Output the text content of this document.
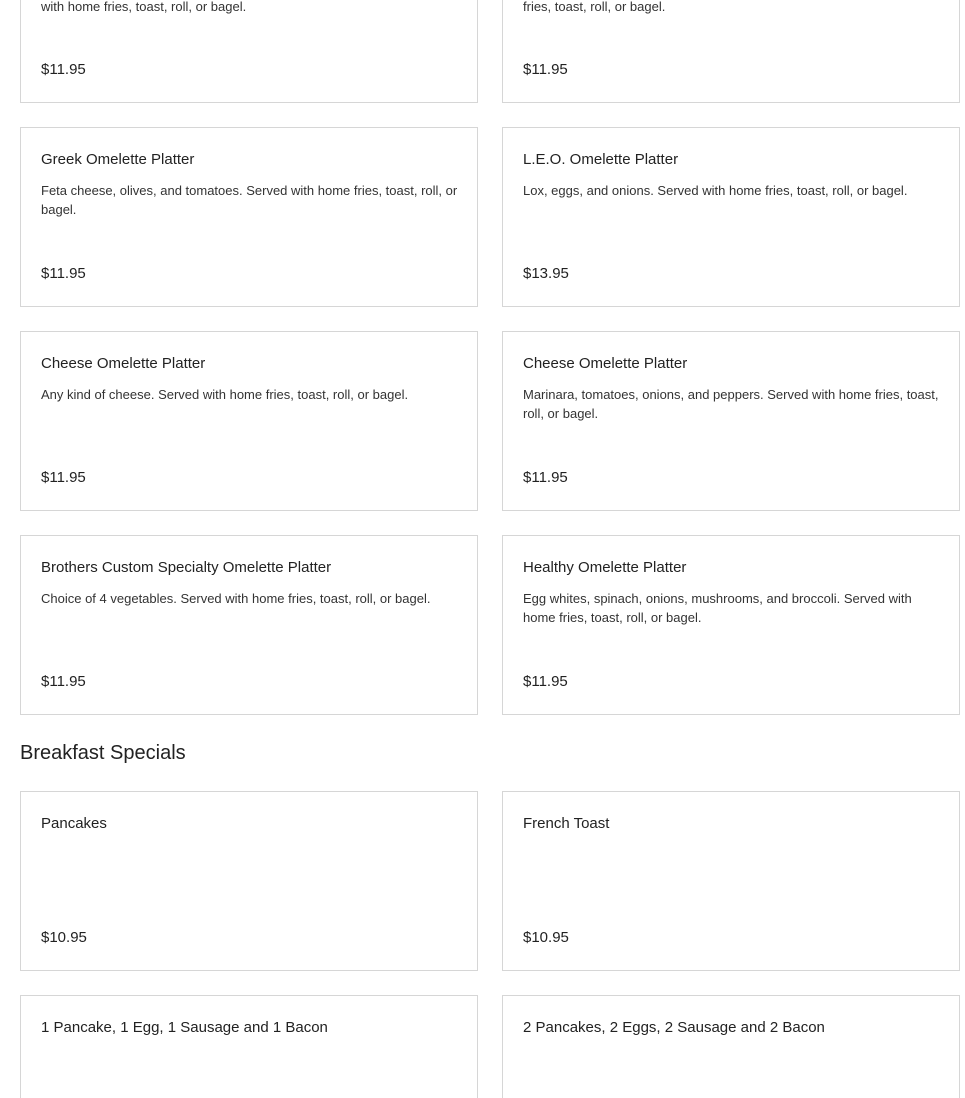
with home fries, toast, roll, or bagel.
$11.95
fries, toast, roll, or bagel.
$11.95
Greek Omelette Platter
Feta cheese, olives, and tomatoes. Served with home fries, toast, roll, or bagel.
$11.95
L.E.O. Omelette Platter
Lox, eggs, and onions. Served with home fries, toast, roll, or bagel.
$13.95
Cheese Omelette Platter
Any kind of cheese. Served with home fries, toast, roll, or bagel.
$11.95
Cheese Omelette Platter
Marinara, tomatoes, onions, and peppers. Served with home fries, toast, roll, or bagel.
$11.95
Brothers Custom Specialty Omelette Platter
Choice of 4 vegetables. Served with home fries, toast, roll, or bagel.
$11.95
Healthy Omelette Platter
Egg whites, spinach, onions, mushrooms, and broccoli. Served with home fries, toast, roll, or bagel.
$11.95
Breakfast Specials
Pancakes
$10.95
French Toast
$10.95
1 Pancake, 1 Egg, 1 Sausage and 1 Bacon	2 Pancakes, 2 Eggs, 2 Sausage and 2 Bacon
